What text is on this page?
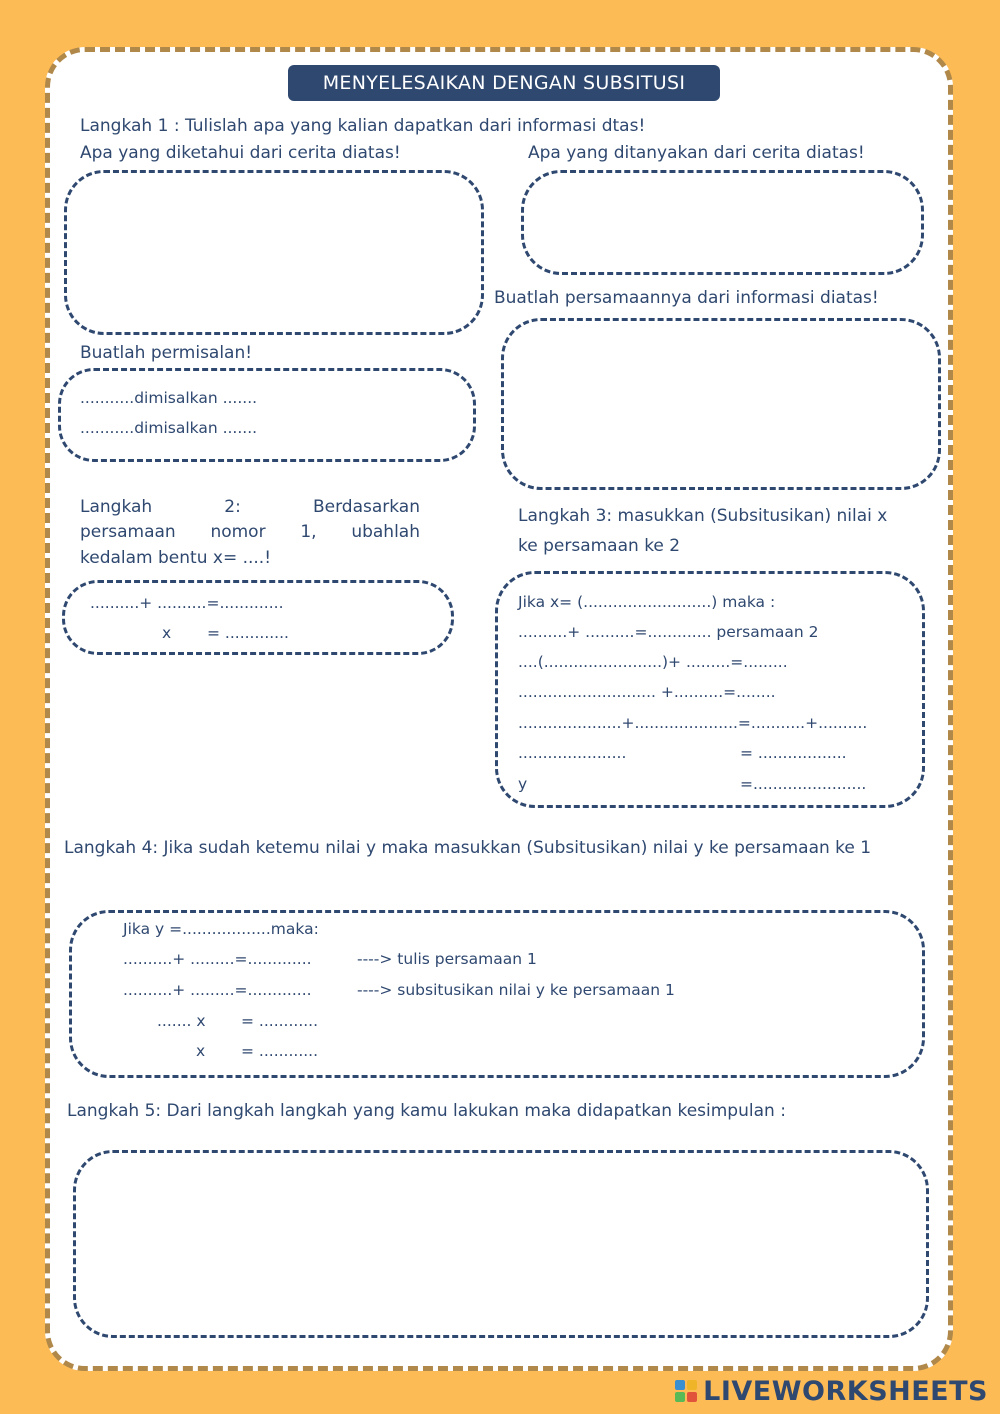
MENYELESAIKAN DENGAN SUBSITUSI
Langkah 1 : Tulislah apa yang kalian dapatkan dari informasi dtas!
Apa yang diketahui dari cerita diatas!	Apa yang ditanyakan dari cerita diatas!
Buatlah persamaannya dari informasi diatas!
Buatlah permisalan!
...........dimisalkan .......
...........dimisalkan .......
Langkah 2: Berdasarkan
persamaan nomor 1, ubahlah
kedalam bentu x= ....!
..........+ ..........=.............
x = .............
Langkah 3: masukkan (Subsitusikan) nilai x
ke persamaan ke 2
Jika x= (..........................) maka :
..........+ ..........=............. persamaan 2
....(........................)+ .........=.........
............................ +..........=........
.....................+.....................=...........+..........
......................	= ..................
y	=.......................
Langkah 4: Jika sudah ketemu nilai y maka masukkan (Subsitusikan) nilai y ke persamaan ke 1
Jika y =..................maka:
..........+ .........=.............	----> tulis persamaan 1
..........+ .........=.............	----> subsitusikan nilai y ke persamaan 1
....... x = ............
x = ............
Langkah 5: Dari langkah langkah yang kamu lakukan maka didapatkan kesimpulan :
LIVEWORKSHEETS
